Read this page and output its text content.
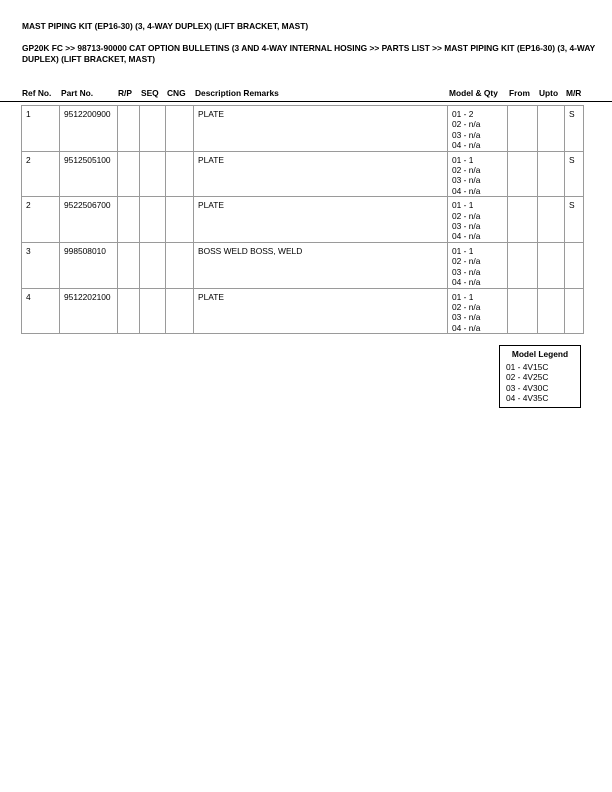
MAST PIPING KIT (EP16-30) (3, 4-WAY DUPLEX) (LIFT BRACKET, MAST)

GP20K FC >> 98713-90000 CAT OPTION BULLETINS (3 AND 4-WAY INTERNAL HOSING >> PARTS LIST >> MAST PIPING KIT (EP16-30) (3, 4-WAY DUPLEX) (LIFT BRACKET, MAST)

Ref No. Part No.	R/P SEQ CNG Description Remarks	Model & Qty From Upto M/R
1	9512200900				PLATE	01 - 2
02 - n/a
03 - n/a
04 - n/a			S
2	9512505100				PLATE	01 - 1
02 - n/a
03 - n/a
04 - n/a			S
2	9522506700				PLATE	01 - 1
02 - n/a
03 - n/a
04 - n/a			S
3	998508010				BOSS WELD BOSS, WELD	01 - 1
02 - n/a
03 - n/a
04 - n/a			

4	9512202100				PLATE	01 - 1
02 - n/a
03 - n/a
04 - n/a			

Model Legend
01 - 4V15C
02 - 4V25C
03 - 4V30C
04 - 4V35C
